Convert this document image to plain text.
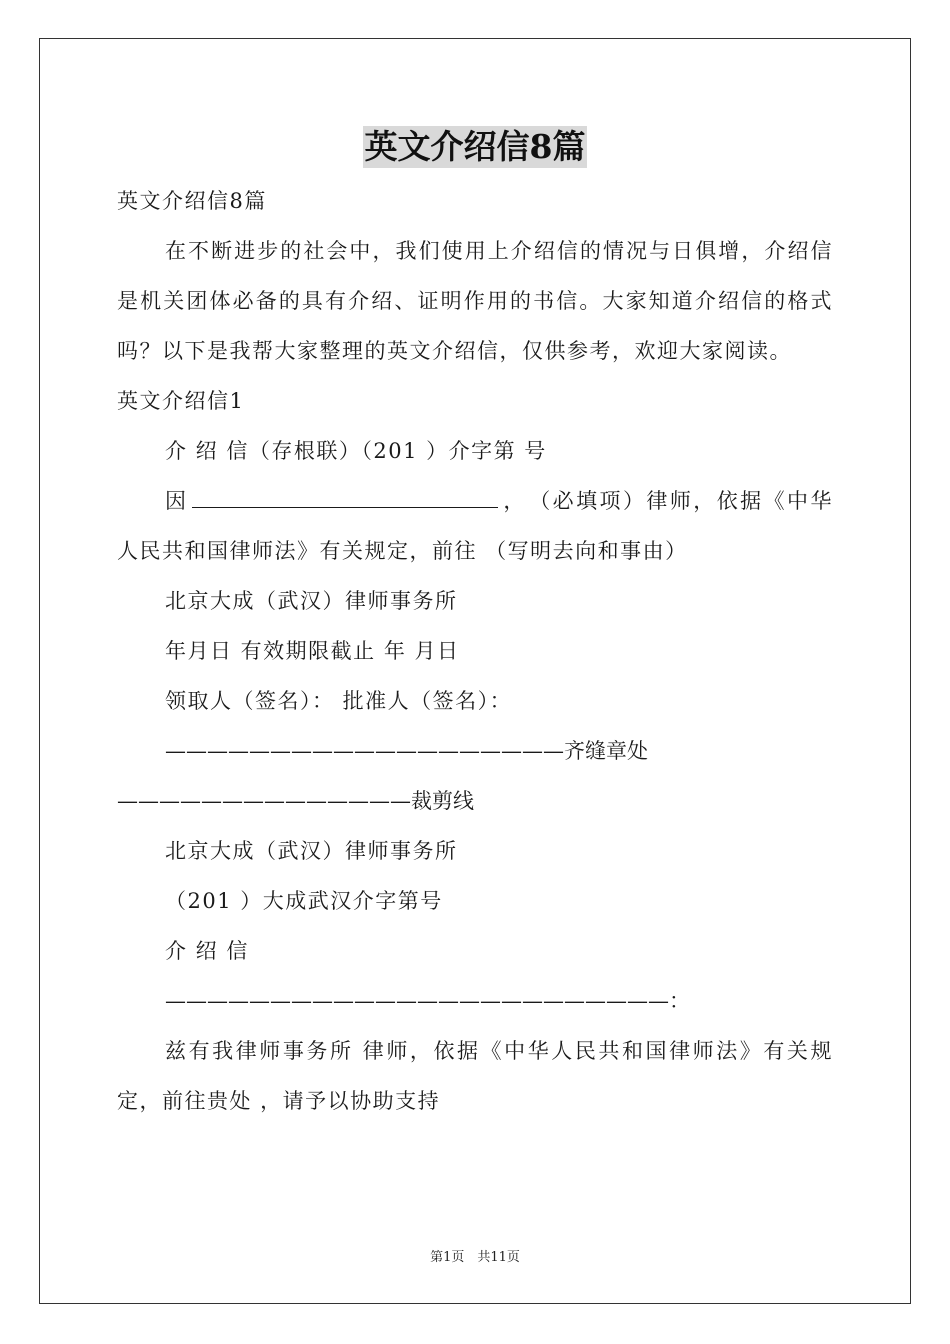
英文介绍信8篇

英文介绍信8篇

在不断进步的社会中，我们使用上介绍信的情况与日俱增，介绍信是机关团体必备的具有介绍、证明作用的书信。大家知道介绍信的格式吗？以下是我帮大家整理的英文介绍信，仅供参考，欢迎大家阅读。

英文介绍信1

介 绍 信（存根联）（201 ）介字第 号

因	，　（必填项）律师，依据《中华人民共和国律师法》有关规定，前往 （写明去向和事由）

北京大成（武汉）律师事务所

年月日 有效期限截止 年 月日

领取人（签名）： 批准人（签名）：

———————————————————齐缝章处——————————————裁剪线

北京大成（武汉）律师事务所

（201 ）大成武汉介字第号

介 绍 信

————————————————————————：

兹有我律师事务所 律师，依据《中华人民共和国律师法》有关规定，前往贵处 ，请予以协助支持

第1页　共11页
